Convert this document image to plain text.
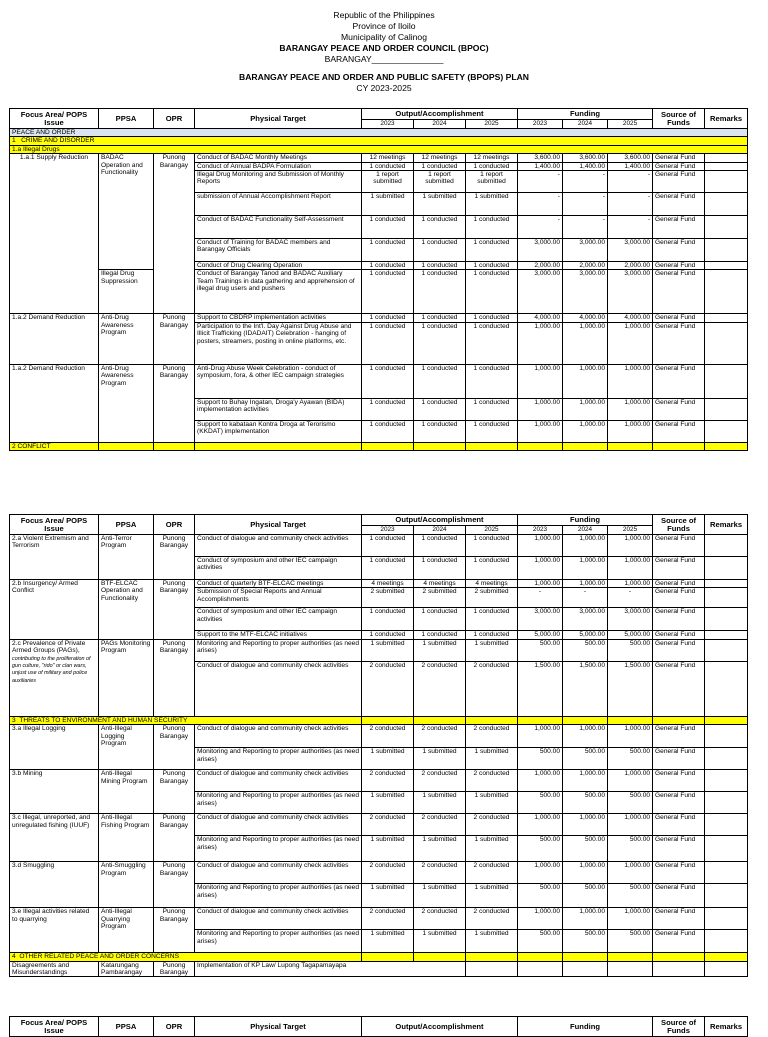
Republic of the Philippines
Province of Iloilo
Municipality of Calinog
BARANGAY PEACE AND ORDER COUNCIL (BPOC)
BARANGAY_______________
BARANGAY PEACE AND ORDER AND PUBLIC SAFETY (BPOPS) PLAN
CY 2023-2025
Focus Area/ POPS Issue	PPSA	OPR	Physical Target	Output/Accomplishment			Funding			Source of Funds	Remarks
				2023	2024	2025	2023	2024	2025		
PEACE AND ORDER											
1 CRIME AND DISORDER											
1.a Illegal Drugs											
1.a.1 Supply Reduction	BADAC Operation and Functionality	Punong Barangay	Conduct of BADAC Monthly Meetings	12 meetings	12 meetings	12 meetings	3,600.00	3,600.00	3,600.00	General Fund	
			Conduct of Annual BADPA Formulation	1 conducted	1 conducted	1 conducted	1,400.00	1,400.00	1,400.00	General Fund	
			Illegal Drug Monitoring and Submission of Monthly Reports	1 report submitted	1 report submitted	1 report submitted	-	-	-	General Fund	
			submission of Annual Accomplishment Report	1 submitted	1 submitted	1 submitted	-	-	-	General Fund	
			Conduct of BADAC Functionality Self-Assessment	1 conducted	1 conducted	1 conducted	-	-	-	General Fund	
			Conduct of Training for BADAC members and Barangay Officials	1 conducted	1 conducted	1 conducted	3,000.00	3,000.00	3,000.00	General Fund	
			Conduct of Drug Clearing Operation	1 conducted	1 conducted	1 conducted	2,000.00	2,000.00	2,000.00	General Fund	
	Illegal Drug Suppression		Conduct of Barangay Tanod and BADAC Auxiliary Team Trainings in data gathering and apprehension of illegal drug users and pushers	1 conducted	1 conducted	1 conducted	3,000.00	3,000.00	3,000.00	General Fund	
1.a.2 Demand Reduction	Anti-Drug Awareness Program	Punong Barangay	Support to CBDRP implementation activities	1 conducted	1 conducted	1 conducted	4,000.00	4,000.00	4,000.00	General Fund	
			Participation to the Int'l. Day Against Drug Abuse and Illicit Trafficking (IDADAIT) Celebration - hanging of posters, streamers, posting in online platforms, etc.	1 conducted	1 conducted	1 conducted	1,000.00	1,000.00	1,000.00	General Fund	
1.a.2 Demand Reduction	Anti-Drug Awareness Program	Punong Barangay	Anti-Drug Abuse Week Celebration - conduct of symposium, fora, & other IEC campaign strategies	1 conducted	1 conducted	1 conducted	1,000.00	1,000.00	1,000.00	General Fund	
			Support to Buhay Ingatan, Droga'y Ayawan (BIDA) implementation activities	1 conducted	1 conducted	1 conducted	1,000.00	1,000.00	1,000.00	General Fund	
			Support to kabataan Kontra Droga at Terorismo (KKDAT) implementation	1 conducted	1 conducted	1 conducted	1,000.00	1,000.00	1,000.00	General Fund	
2 CONFLICT											
Focus Area/ POPS Issue	PPSA	OPR	Physical Target	Output/Accomplishment			Funding			Source of Funds	Remarks
				2023	2024	2025	2023	2024	2025		
2.a Violent Extremism and Terrorism	Anti-Terror Program	Punong Barangay	Conduct of dialogue and community check activities	1 conducted	1 conducted	1 conducted	1,000.00	1,000.00	1,000.00	General Fund	
			Conduct of symposium and other IEC campaign activities	1 conducted	1 conducted	1 conducted	1,000.00	1,000.00	1,000.00	General Fund	
2.b Insurgency/ Armed Conflict	BTF-ELCAC Operation and Functionality	Punong Barangay	Conduct of quarterly BTF-ELCAC meetings	4 meetings	4 meetings	4 meetings	1,000.00	1,000.00	1,000.00	General Fund	
			Submission of Special Reports and Annual Accomplishments	2 submitted	2 submitted	2 submitted	-	-	-	General Fund	
			Conduct of symposium and other IEC campaign activities	1 conducted	1 conducted	1 conducted	3,000.00	3,000.00	3,000.00	General Fund	
			Support to the MTF-ELCAC initiatives	1 conducted	1 conducted	1 conducted	5,000.00	5,000.00	5,000.00	General Fund	
2.c Prevalence of Private Armed Groups (PAGs), contributing to the proliferation of gun culture, "rido" or clan wars, unjust use of military and police auxiliaries	PAGs Monitoring Program	Punong Barangay	Monitoring and Reporting to proper authorities (as need arises)	1 submitted	1 submitted	1 submitted	500.00	500.00	500.00	General Fund	
			Conduct of dialogue and community check activities	2 conducted	2 conducted	2 conducted	1,500.00	1,500.00	1,500.00	General Fund	
3 THREATS TO ENVIRONMENT AND HUMAN SECURITY											
3.a Illegal Logging	Anti-Illegal Logging Program	Punong Barangay	Conduct of dialogue and community check activities	2 conducted	2 conducted	2 conducted	1,000.00	1,000.00	1,000.00	General Fund	
			Monitoring and Reporting to proper authorities (as need arises)	1 submitted	1 submitted	1 submitted	500.00	500.00	500.00	General Fund	
3.b Mining	Anti-Illegal Mining Program	Punong Barangay	Conduct of dialogue and community check activities	2 conducted	2 conducted	2 conducted	1,000.00	1,000.00	1,000.00	General Fund	
			Monitoring and Reporting to proper authorities (as need arises)	1 submitted	1 submitted	1 submitted	500.00	500.00	500.00	General Fund	
3.c Illegal, unreported, and unregulated fishing (IUUF)	Anti-Illegal Fishing Program	Punong Barangay	Conduct of dialogue and community check activities	2 conducted	2 conducted	2 conducted	1,000.00	1,000.00	1,000.00	General Fund	
			Monitoring and Reporting to proper authorities (as need arises)	1 submitted	1 submitted	1 submitted	500.00	500.00	500.00	General Fund	
3.d Smuggling	Anti-Smuggling Program	Punong Barangay	Conduct of dialogue and community check activities	2 conducted	2 conducted	2 conducted	1,000.00	1,000.00	1,000.00	General Fund	
			Monitoring and Reporting to proper authorities (as need arises)	1 submitted	1 submitted	1 submitted	500.00	500.00	500.00	General Fund	
3.e Illegal activities related to quarrying	Anti-Illegal Quarrying Program	Punong Barangay	Conduct of dialogue and community check activities	2 conducted	2 conducted	2 conducted	1,000.00	1,000.00	1,000.00	General Fund	
			Monitoring and Reporting to proper authorities (as need arises)	1 submitted	1 submitted	1 submitted	500.00	500.00	500.00	General Fund	
4 OTHER RELATED PEACE AND ORDER CONCERNS											
Disagreements and Misunderstandings	Katarungang Pambarangay	Punong Barangay	Implementation of KP Law/ Lupong Tagapamayapa								
Focus Area/ POPS Issue	PPSA	OPR	Physical Target	Output/Accomplishment	Funding	Source of Funds	Remarks
